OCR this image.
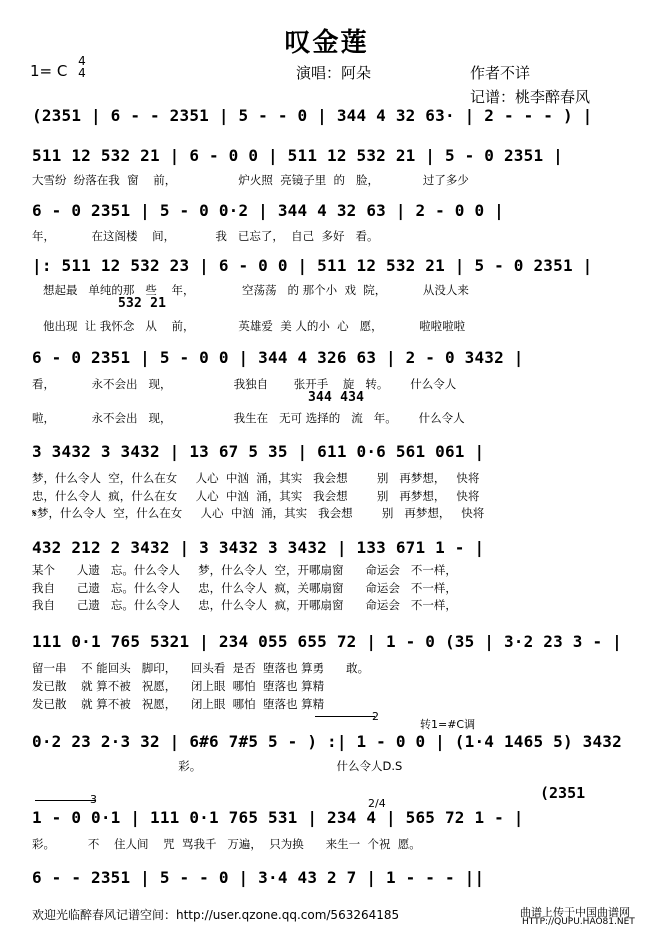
叹金莲
1= C
4
4	演唱：阿朵	作者不详
记谱：桃李醉春风
(2351 | 6 - - 2351 | 5 - - 0 | 344 4 32 63· | 2 - - - ) |
511 12 532 21 | 6 - 0 0 | 511 12 532 21 | 5 - 0 2351 |
大雪纷  纷落在我  窗    前，                 炉火照  亮镜子里  的   脸，            过了多少
6 - 0 2351 | 5 - 0 0·2 | 344 4 32 63 | 2 - 0 0 |
年，          在这阁楼    间，           我   已忘了，  自己  多好   看。
|: 511 12 532 23 | 6 - 0 0 | 511 12 532 21 | 5 - 0 2351 |
想起最   单纯的那   些    年，             空荡荡   的 那个小  戏  院，          从没人来
532 21
他出现  让 我怀念   从    前，            英雄爱  美 人的小  心   愿，          啦啦啦啦
6 - 0 2351 | 5 - 0 0 | 344 4 326 63 | 2 - 0 3432 |
看，          永不会出   现，                 我独自       张开手    旋   转。      什么令人
344 434
啦，          永不会出   现，                 我生在   无可 选择的   流   年。      什么令人
3 3432 3 3432 | 13 67 5 35 | 611 0·6 561 061 |
梦，什么令人  空，什么在女     人心  中汹  涌，其实   我会想        别   再梦想，   快将
忠，什么令人  疯，什么在女     人心  中汹  涌，其实   我会想        别   再梦想，   快将
𝄋梦，什么令人  空，什么在女     人心  中汹  涌，其实   我会想        别   再梦想，   快将
432 212 2 3432 | 3 3432 3 3432 | 133 671 1 - |
某个      人遗   忘。什么令人     梦，什么令人  空，开哪扇窗      命运会   不一样，
我自      己遗   忘。什么令人     忠，什么令人  疯，关哪扇窗      命运会   不一样，
我自      己遗   忘。什么令人     忠，什么令人  疯，开哪扇窗      命运会   不一样，
111 0·1 765 5321 | 234 055 655 72 | 1 - 0 (35 | 3·2 23 3 - |
留一串    不 能回头   脚印，    回头看  是否  堕落也 算勇      敢。
发已散    就 算不被   祝愿，    闭上眼  哪怕  堕落也 算精
发已散    就 算不被   祝愿，    闭上眼  哪怕  堕落也 算精
2
转1=#C调
0·2 23 2·3 32 | 6#6 7#5 5 - ) :| 1 - 0 0 | (1·4 1465 5) 3432
彩。                                     什么令人D.S
(2351
3	2/4
1 - 0 0·1 | 111 0·1 765 531 | 234 4 | 565 72 1 - |
彩。         不    住人间    咒  骂我千   万遍，  只为换      来生一  个祝  愿。
6 - - 2351 | 5 - - 0 | 3·4 43 2 7 | 1 - - - ||
欢迎光临醉春风记谱空间：http://user.qzone.qq.com/563264185	曲谱上传于中国曲谱网
HTTP://QUPU.HAO81.NET
